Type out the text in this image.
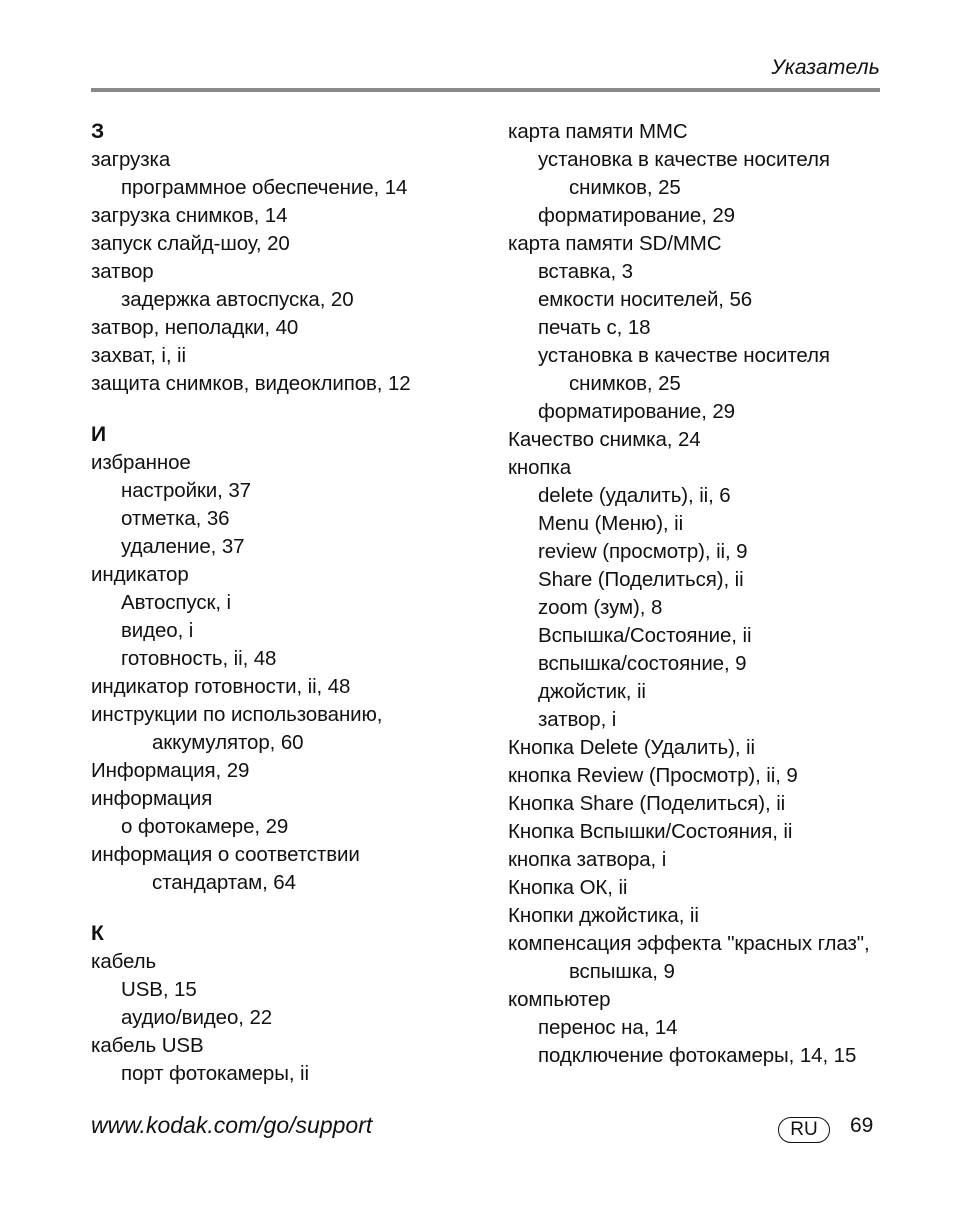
Указатель
З
загрузка
программное обеспечение, 14
загрузка снимков, 14
запуск слайд-шоу, 20
затвор
задержка автоспуска, 20
затвор, неполадки, 40
захват, i, ii
защита снимков, видеоклипов, 12
И
избранное
настройки, 37
отметка, 36
удаление, 37
индикатор
Автоспуск, i
видео, i
готовность, ii, 48
индикатор готовности, ii, 48
инструкции по использованию,
аккумулятор, 60
Информация, 29
информация
о фотокамере, 29
информация о соответствии
стандартам, 64
К
кабель
USB, 15
аудио/видео, 22
кабель USB
порт фотокамеры, ii
карта памяти MMC
установка в качестве носителя
снимков, 25
форматирование, 29
карта памяти SD/MMC
вставка, 3
емкости носителей, 56
печать с, 18
установка в качестве носителя
снимков, 25
форматирование, 29
Качество снимка, 24
кнопка
delete (удалить), ii, 6
Menu (Меню), ii
review (просмотр), ii, 9
Share (Поделиться), ii
zoom (зум), 8
Вспышка/Состояние, ii
вспышка/состояние, 9
джойстик, ii
затвор, i
Кнопка Delete (Удалить), ii
кнопка Review (Просмотр), ii, 9
Кнопка Share (Поделиться), ii
Кнопка Вспышки/Состояния, ii
кнопка затвора, i
Кнопка ОК, ii
Кнопки джойстика, ii
компенсация эффекта "красных глаз",
вспышка, 9
компьютер
перенос на, 14
подключение фотокамеры, 14, 15
www.kodak.com/go/support	RU	69
